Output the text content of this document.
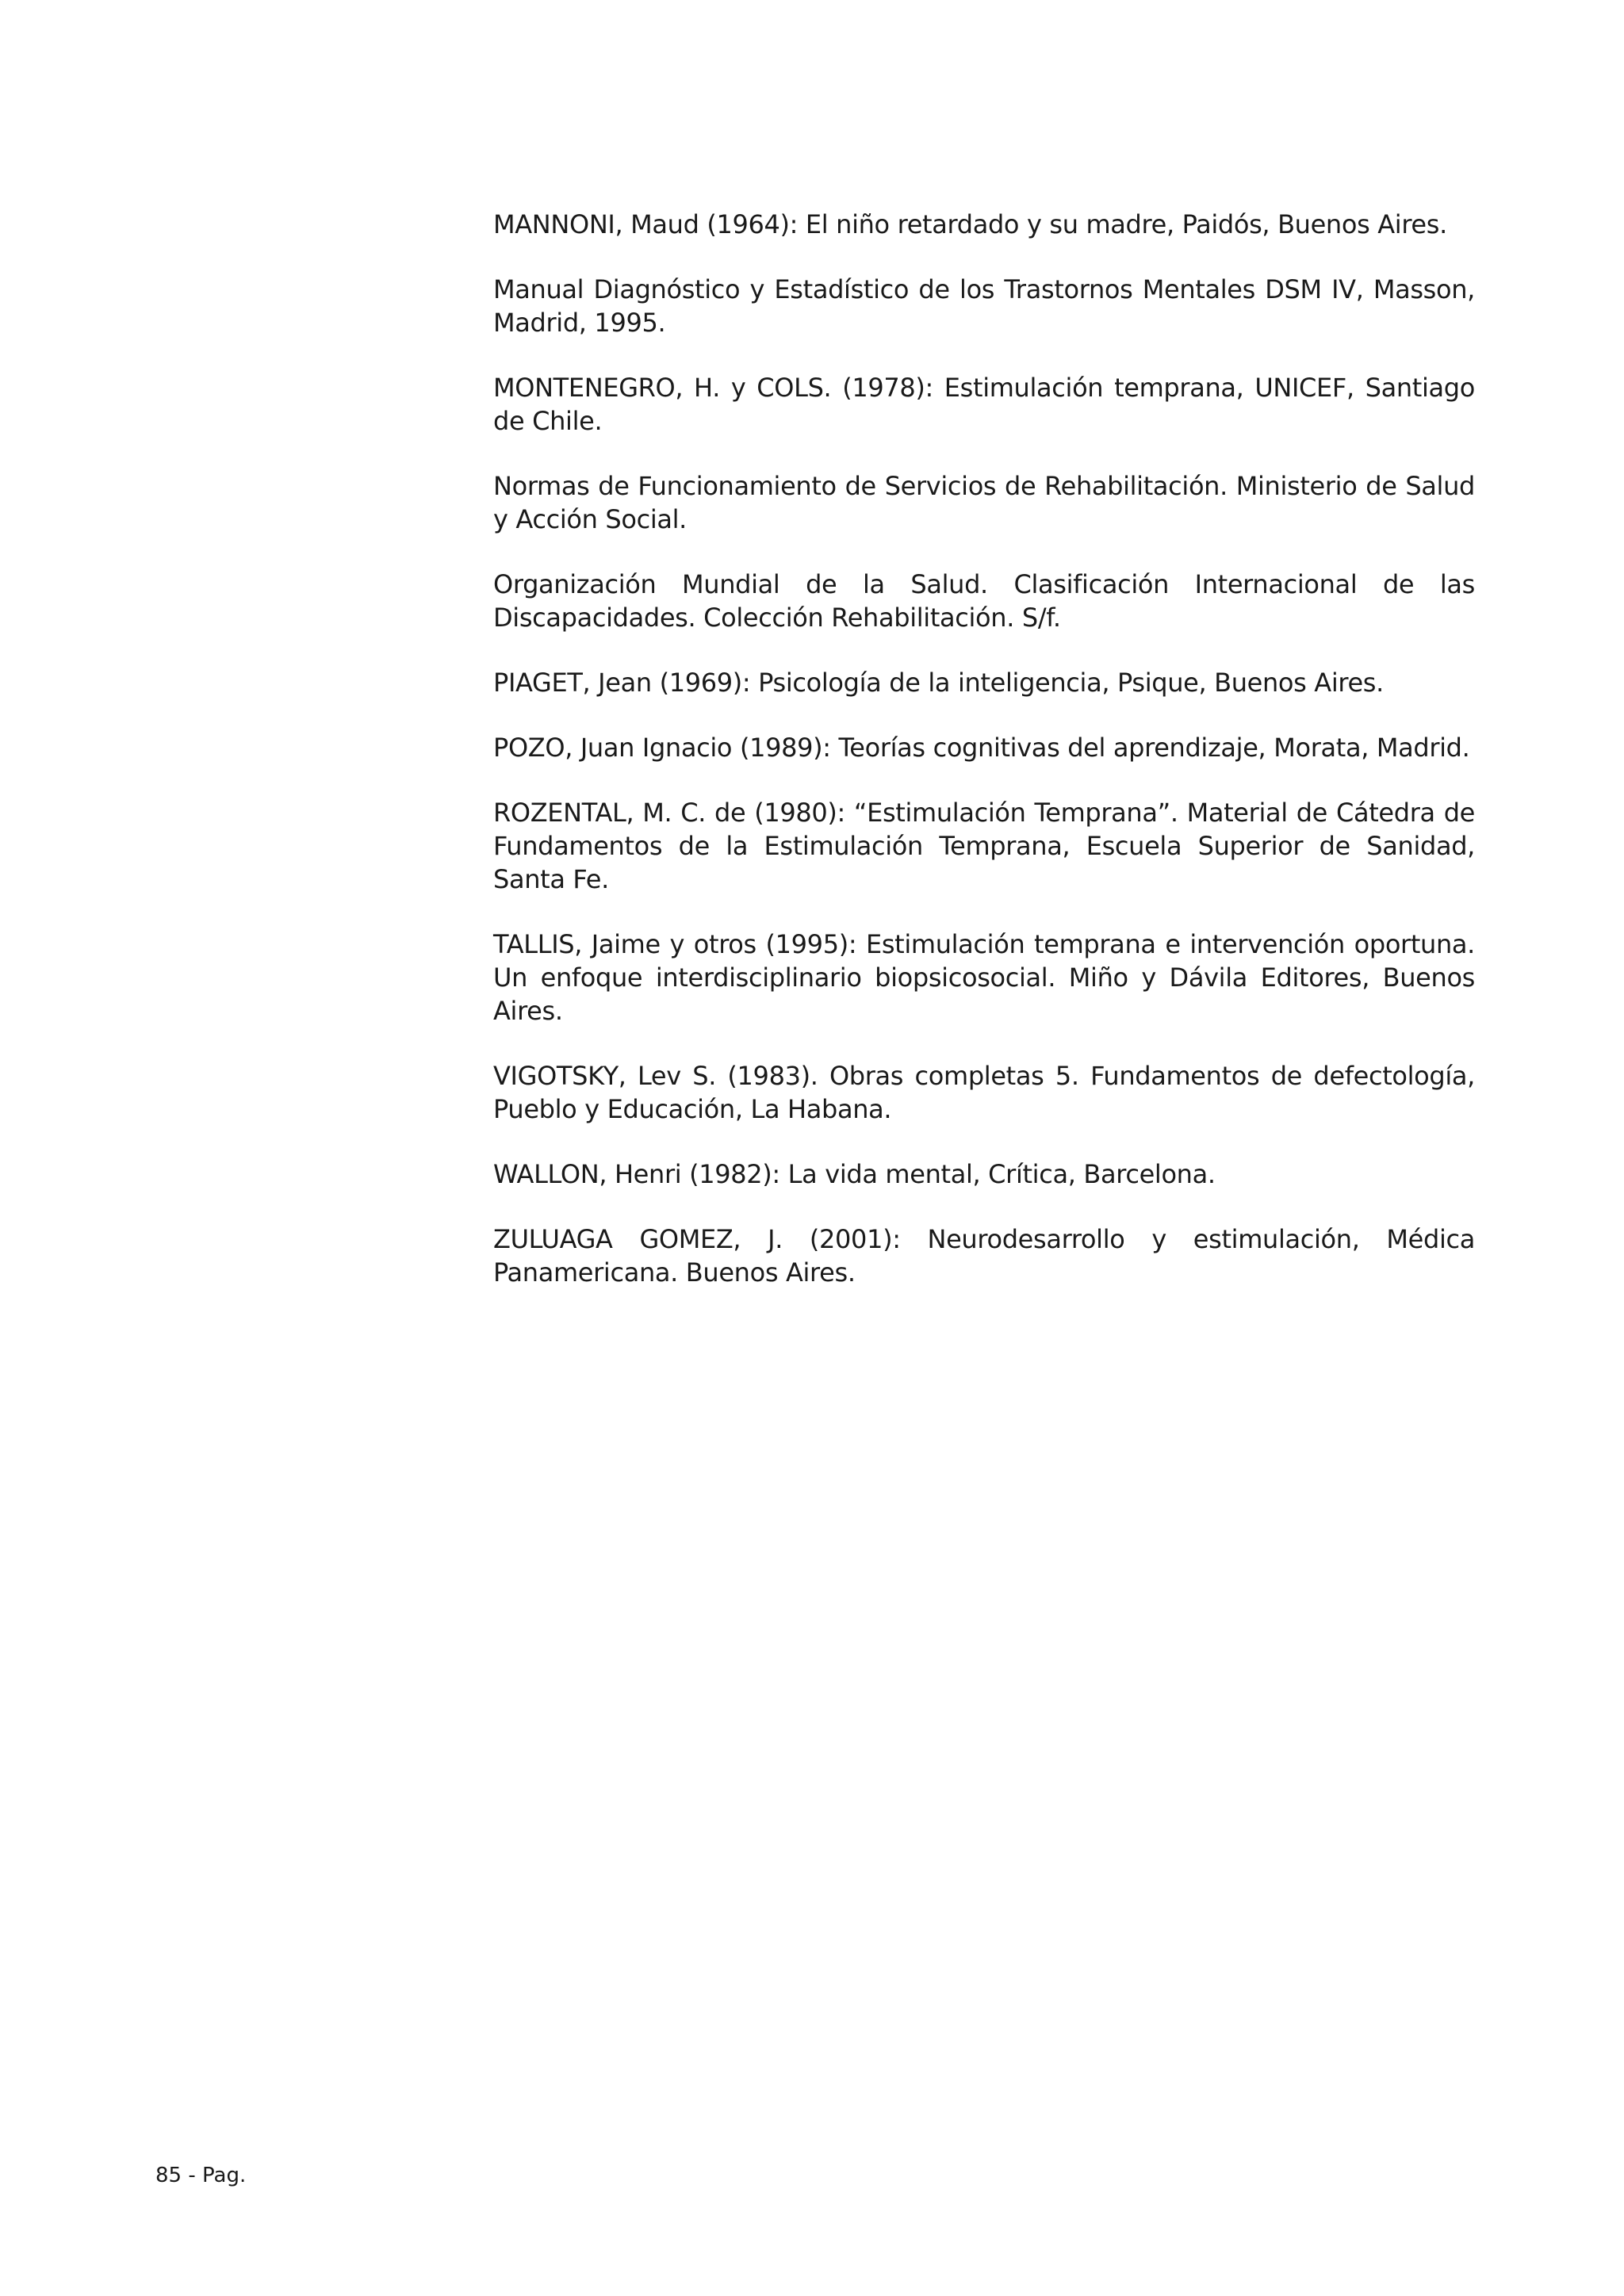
MANNONI, Maud (1964): El niño retardado y su madre, Paidós, Buenos Aires.
Manual Diagnóstico y Estadístico de los Trastornos Mentales DSM IV, Masson, Madrid, 1995.
MONTENEGRO, H. y COLS. (1978): Estimulación temprana, UNICEF, Santiago de Chile.
Normas de Funcionamiento de Servicios de Rehabilitación. Ministerio de Salud y Acción Social.
Organización Mundial de la Salud. Clasificación Internacional de las Discapacidades. Colección Rehabilitación. S/f.
PIAGET, Jean (1969): Psicología de la inteligencia, Psique, Buenos Aires.
POZO, Juan Ignacio (1989): Teorías cognitivas del aprendizaje, Morata, Madrid.
ROZENTAL, M. C. de (1980): “Estimulación Temprana”. Material de Cátedra de Fundamentos de la Estimulación Temprana, Escuela Superior de Sanidad, Santa Fe.
TALLIS, Jaime y otros (1995): Estimulación temprana e intervención oportuna. Un enfoque interdisciplinario biopsicosocial. Miño y Dávila Editores, Buenos Aires.
VIGOTSKY, Lev S. (1983). Obras completas 5. Fundamentos de defectología, Pueblo y Educación, La Habana.
WALLON, Henri (1982): La vida mental, Crítica, Barcelona.
ZULUAGA GOMEZ, J. (2001): Neurodesarrollo y estimulación, Médica Panamericana. Buenos Aires.
85 - Pag.
